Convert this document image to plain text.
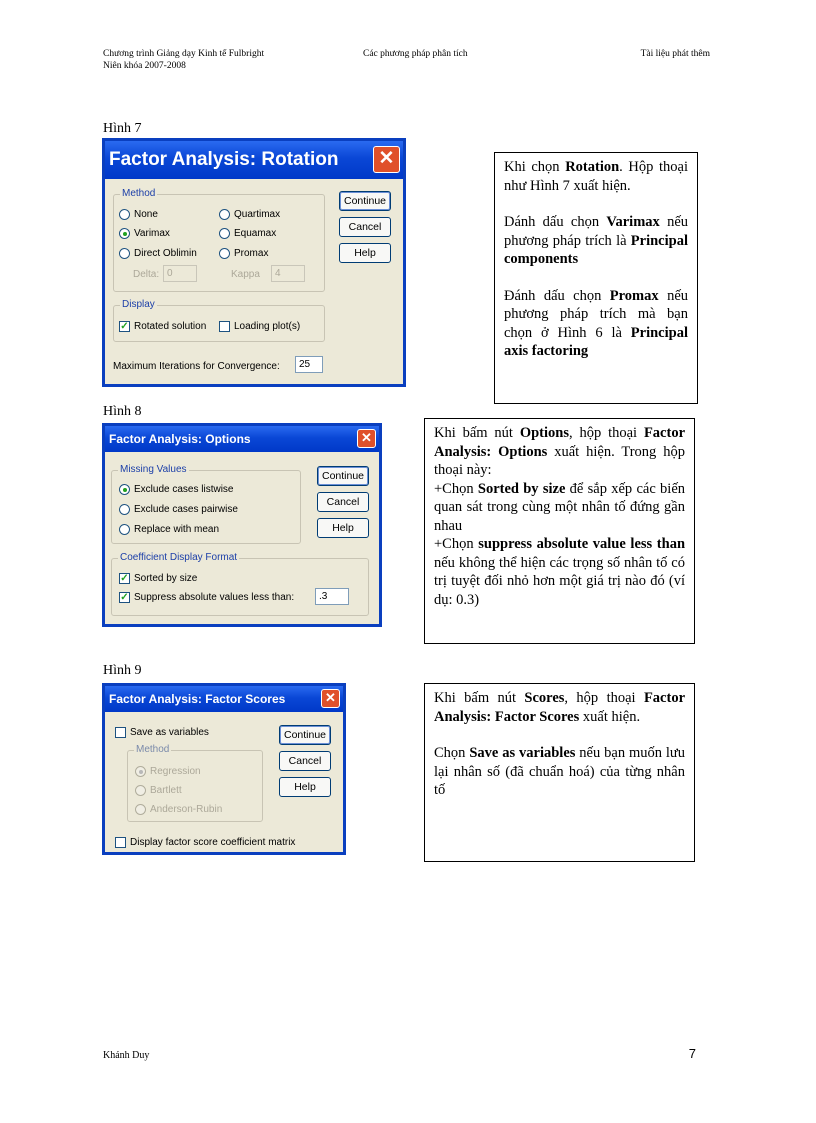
Chương trình Giảng dạy Kinh tế Fulbright
Niên khóa 2007-2008
Các phương pháp phân tích	Tài liệu phát thêm
Hình 7
Factor Analysis: Rotation ✕
Method
None	Quartimax
Varimax	Equamax
Direct Oblimin	Promax
Delta: 0	Kappa	4
Display
✓ Rotated solution	Loading plot(s)
Maximum Iterations for Convergence:	25
Continue
Cancel
Help

Khi chọn Rotation. Hộp thoại như Hình 7 xuất hiện.

Dánh dấu chọn Varimax nếu phương pháp trích là Principal components

Đánh dấu chọn Promax nếu phương pháp trích mà bạn chọn ở Hình 6 là Principal axis factoring

Hình 8
Factor Analysis: Options	✕
Missing Values
Exclude cases listwise
Exclude cases pairwise
Replace with mean
Coefficient Display Format
✓ Sorted by size
✓ Suppress absolute values less than:	.3
Continue
Cancel
Help

Khi bấm nút Options, hộp thoại Factor Analysis: Options xuất hiện. Trong hộp thoại này:
+Chọn Sorted by size để sắp xếp các biến quan sát trong cùng một nhân tố đứng gần nhau
+Chọn suppress absolute value less than nếu không thể hiện các trọng số nhân tố có trị tuyệt đối nhỏ hơn một giá trị nào đó (ví dụ: 0.3)

Hình 9
Factor Analysis: Factor Scores	✕
Save as variables
Method
Regression
Bartlett
Anderson-Rubin
Display factor score coefficient matrix
Continue
Cancel
Help

Khi bấm nút Scores, hộp thoại Factor Analysis: Factor Scores xuất hiện.

Chọn Save as variables nếu bạn muốn lưu lại nhân số (đã chuẩn hoá) của từng nhân tố

Khánh Duy	7
